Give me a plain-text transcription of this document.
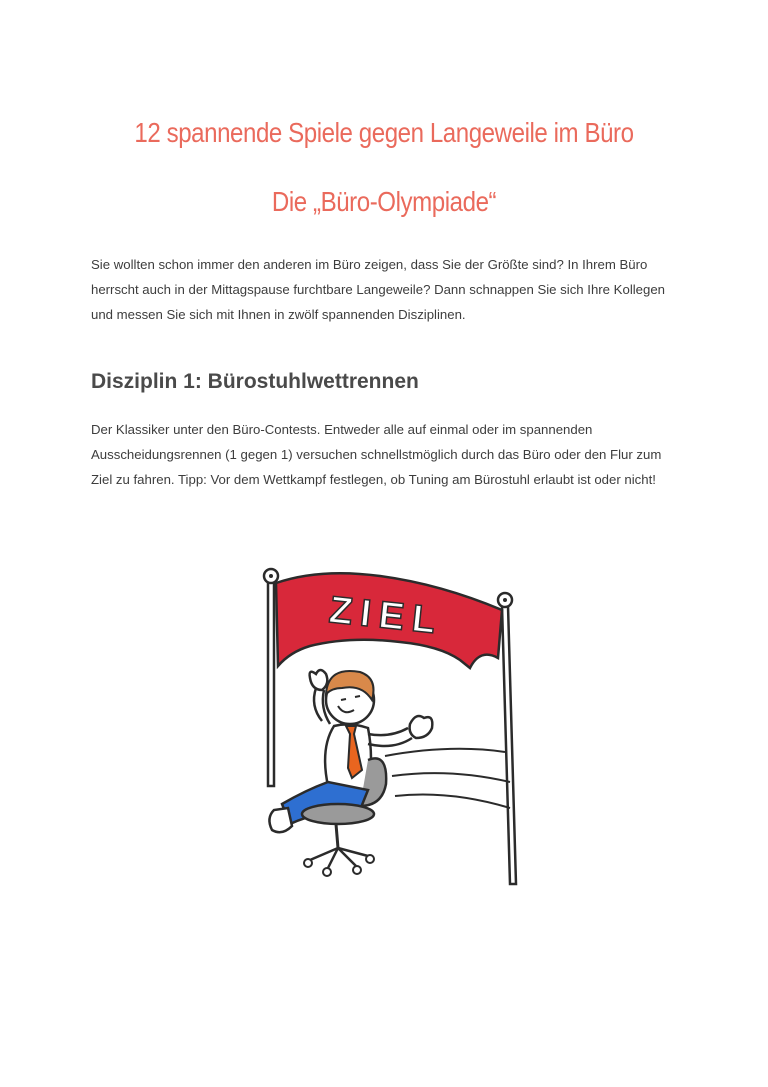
12 spannende Spiele gegen Langeweile im Büro
Die „Büro-Olympiade“

Sie wollten schon immer den anderen im Büro zeigen, dass Sie der Größte sind? In Ihrem Büro herrscht auch in der Mittagspause furchtbare Langeweile? Dann schnappen Sie sich Ihre Kollegen und messen Sie sich mit Ihnen in zwölf spannenden Disziplinen.

Disziplin 1: Bürostuhlwettrennen

Der Klassiker unter den Büro-Contests. Entweder alle auf einmal oder im spannenden Ausscheidungsrennen (1 gegen 1) versuchen schnellstmöglich durch das Büro oder den Flur zum Ziel zu fahren. Tipp: Vor dem Wettkampf festlegen, ob Tuning am Bürostuhl erlaubt ist oder nicht!

ZIEL
